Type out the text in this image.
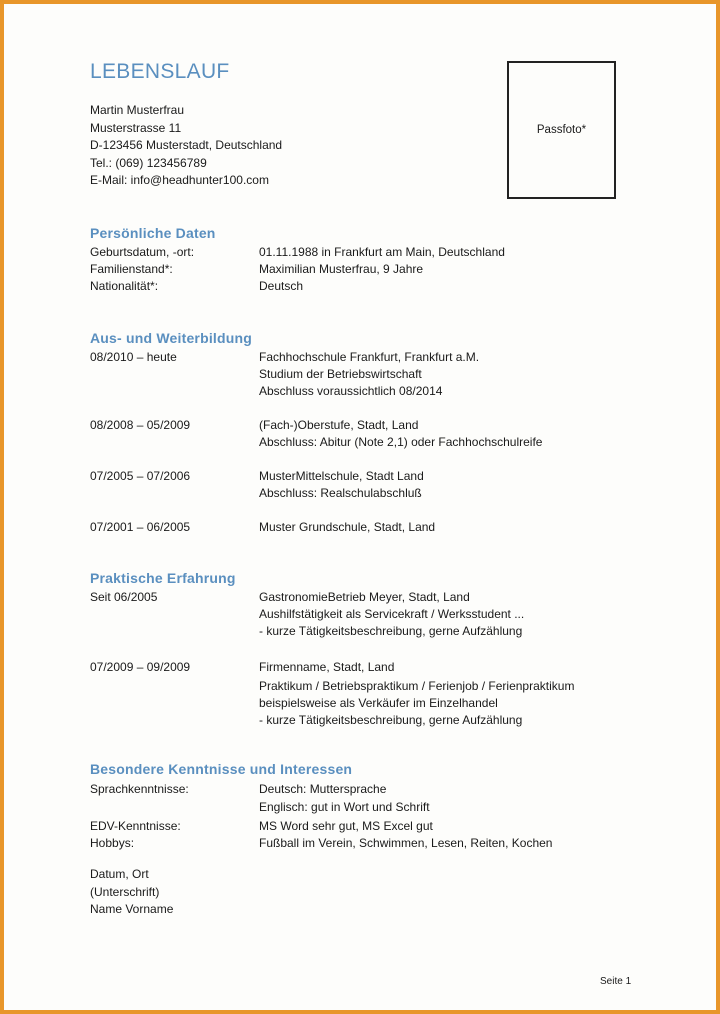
LEBENSLAUF
Martin Musterfrau
Musterstrasse 11
D-123456 Musterstadt, Deutschland
Tel.: (069) 123456789
E-Mail: info@headhunter100.com
Passfoto*
Persönliche Daten
Geburtsdatum, -ort:	01.11.1988 in Frankfurt am Main, Deutschland
Familienstand*:	Maximilian Musterfrau, 9 Jahre
Nationalität*:	Deutsch
Aus- und Weiterbildung
08/2010 – heute	Fachhochschule Frankfurt, Frankfurt a.M.
Studium der Betriebswirtschaft
Abschluss voraussichtlich 08/2014
08/2008 – 05/2009	(Fach-)Oberstufe, Stadt, Land
Abschluss: Abitur (Note 2,1) oder Fachhochschulreife
07/2005 – 07/2006	MusterMittelschule, Stadt Land
Abschluss: Realschulabschluß
07/2001 – 06/2005	Muster Grundschule, Stadt, Land
Praktische Erfahrung
Seit 06/2005	GastronomieBetrieb Meyer, Stadt, Land
Aushilfstätigkeit als Servicekraft / Werksstudent ...
- kurze Tätigkeitsbeschreibung, gerne Aufzählung
07/2009 – 09/2009	Firmenname, Stadt, Land
Praktikum / Betriebspraktikum / Ferienjob / Ferienpraktikum
beispielsweise als Verkäufer im Einzelhandel
- kurze Tätigkeitsbeschreibung, gerne Aufzählung
Besondere Kenntnisse und Interessen
Sprachkenntnisse:	Deutsch: Muttersprache
Englisch: gut in Wort und Schrift
EDV-Kenntnisse:	MS Word sehr gut, MS Excel gut
Hobbys:	Fußball im Verein, Schwimmen, Lesen, Reiten, Kochen
Datum, Ort
(Unterschrift)
Name Vorname
Seite 1
